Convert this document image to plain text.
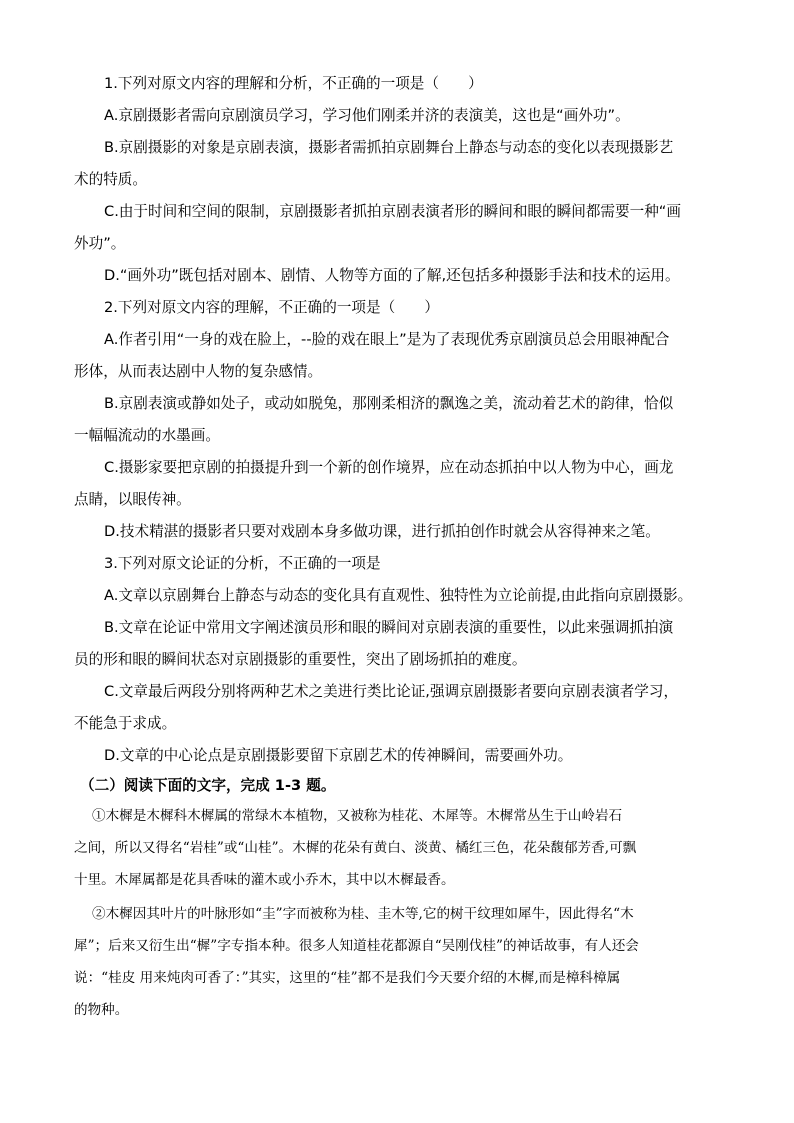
1.下列对原文内容的理解和分析，不正确的一项是（　　）
A.京剧摄影者需向京剧演员学习，学习他们刚柔并济的表演美，这也是“画外功”。
B.京剧摄影的对象是京剧表演，摄影者需抓拍京剧舞台上静态与动态的变化以表现摄影艺
术的特质。
C.由于时间和空间的限制，京剧摄影者抓拍京剧表演者形的瞬间和眼的瞬间都需要一种“画
外功”。
D.“画外功”既包括对剧本、剧情、人物等方面的了解,还包括多种摄影手法和技术的运用。
2.下列对原文内容的理解，不正确的一项是（　　）
A.作者引用“一身的戏在脸上，--脸的戏在眼上”是为了表现优秀京剧演员总会用眼神配合
形体，从而表达剧中人物的复杂感情。
B.京剧表演或静如处子，或动如脱兔，那刚柔相济的飘逸之美，流动着艺术的韵律，恰似
一幅幅流动的水墨画。
C.摄影家要把京剧的拍摄提升到一个新的创作境界，应在动态抓拍中以人物为中心，画龙
点睛，以眼传神。
D.技术精湛的摄影者只要对戏剧本身多做功课，进行抓拍创作时就会从容得神来之笔。
3.下列对原文论证的分析，不正确的一项是
A.文章以京剧舞台上静态与动态的变化具有直观性、独特性为立论前提,由此指向京剧摄影。
B.文章在论证中常用文字阐述演员形和眼的瞬间对京剧表演的重要性，以此来强调抓拍演
员的形和眼的瞬间状态对京剧摄影的重要性，突出了剧场抓拍的难度。
C.文章最后两段分别将两种艺术之美进行类比论证,强调京剧摄影者要向京剧表演者学习，
不能急于求成。
D.文章的中心论点是京剧摄影要留下京剧艺术的传神瞬间，需要画外功。
（二）阅读下面的文字，完成 1-3 题。
①木樨是木樨科木樨属的常绿木本植物，又被称为桂花、木犀等。木樨常丛生于山岭岩石
之间，所以又得名“岩桂”或“山桂”。木樨的花朵有黄白、淡黄、橘红三色，花朵馥郁芳香,可飘
十里。木犀属都是花具香味的灌木或小乔木，其中以木樨最香。
②木樨因其叶片的叶脉形如“圭”字而被称为桂、圭木等,它的树干纹理如犀牛，因此得名“木
犀”；后来又衍生出“樨”字专指本种。很多人知道桂花都源自“吴刚伐桂”的神话故事，有人还会
说：“桂皮 用来炖肉可香了：”其实，这里的“桂”都不是我们今天要介绍的木樨,而是樟科樟属
的物种。
